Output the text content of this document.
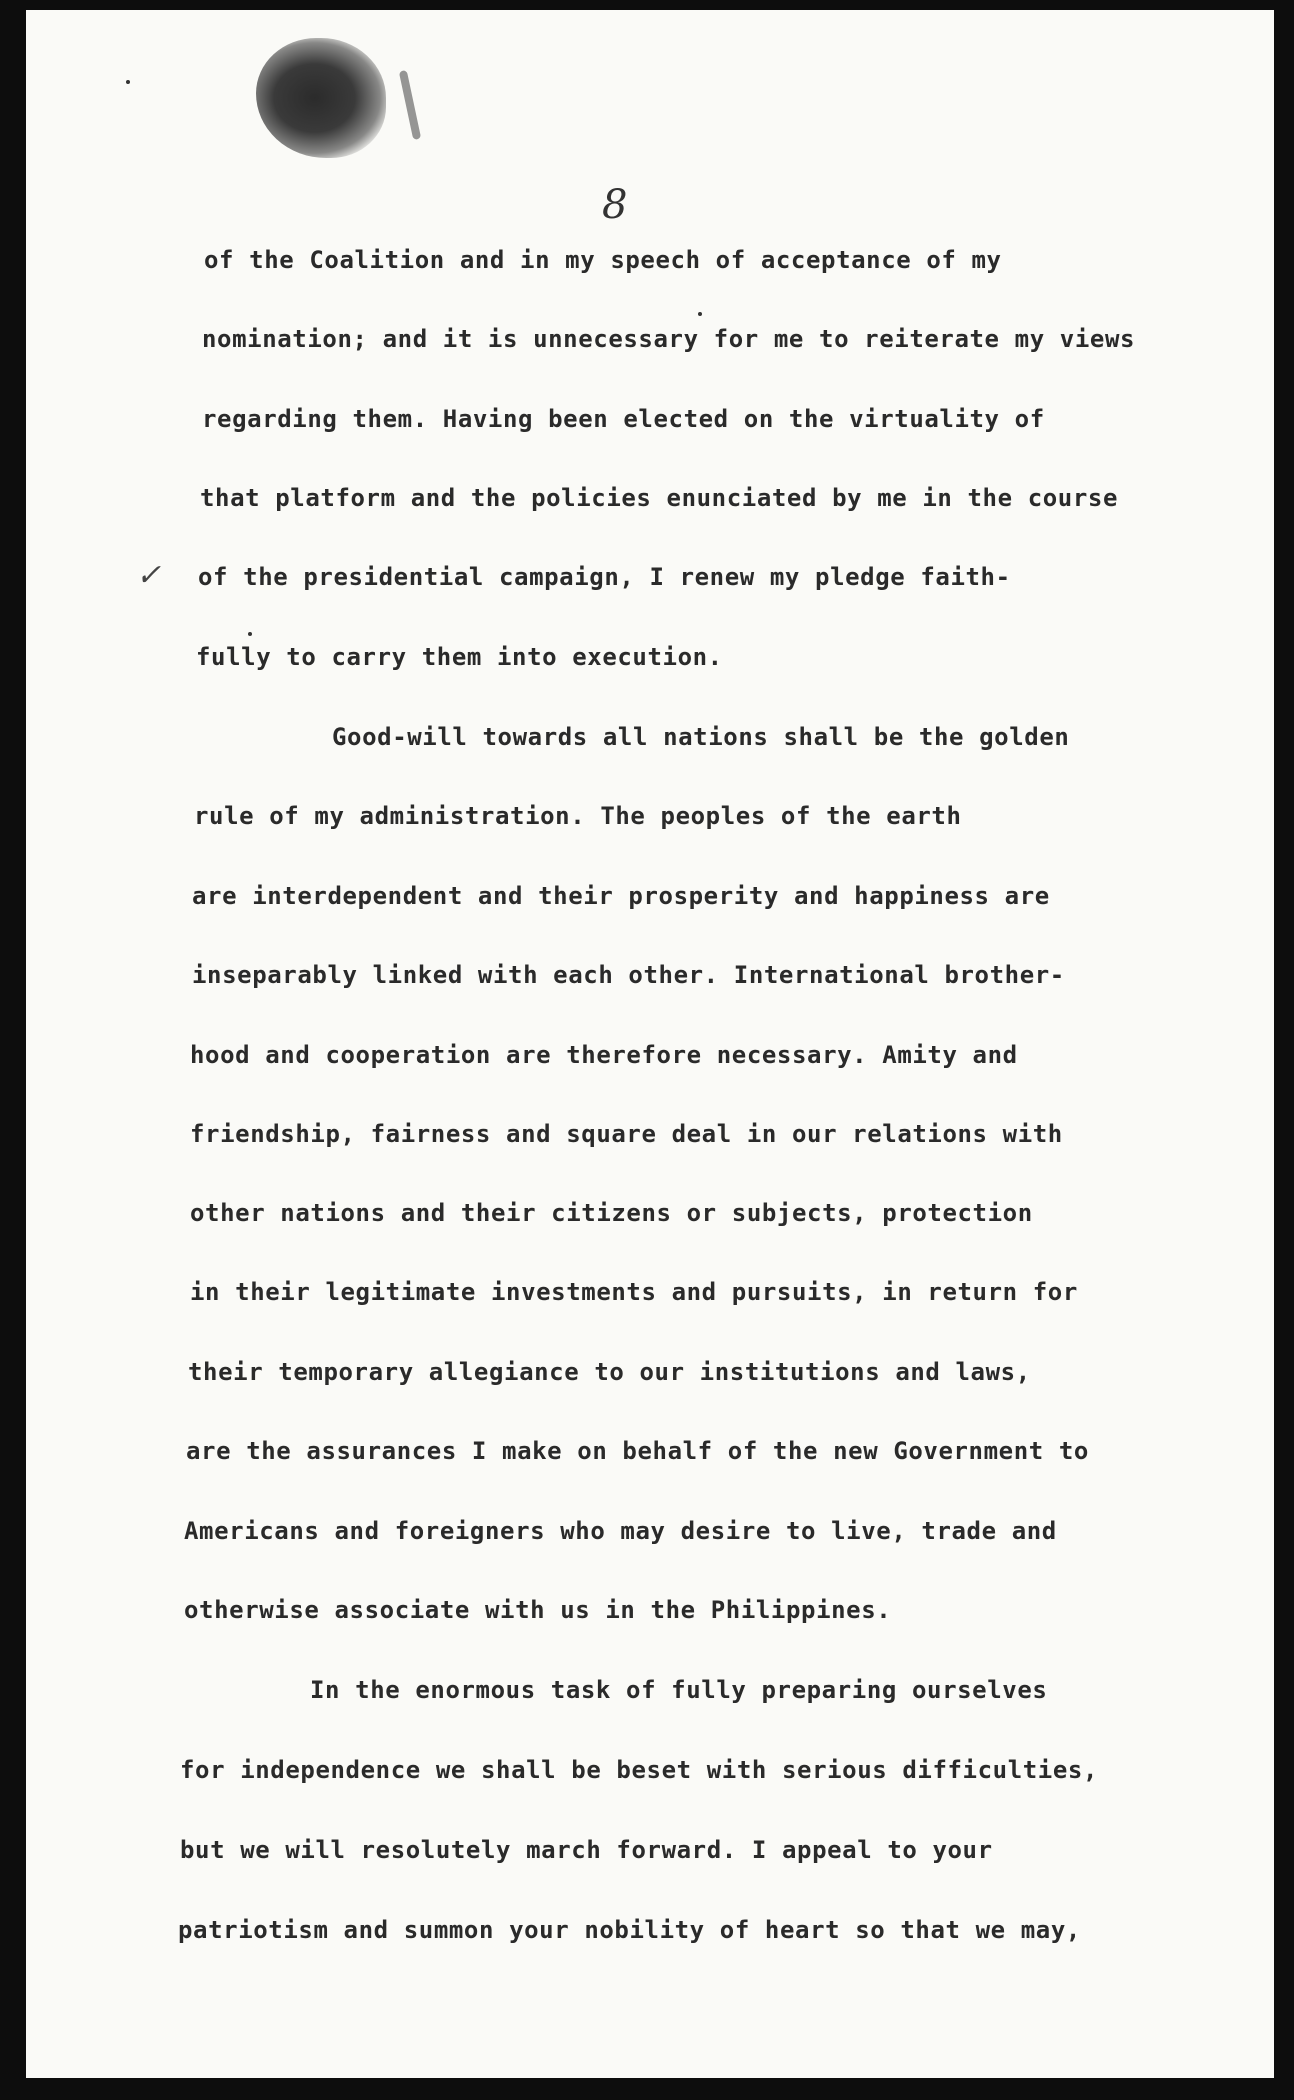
8
✓
of the Coalition and in my speech of acceptance of my
nomination; and it is unnecessary for me to reiterate my views
regarding them. Having been elected on the virtuality of
that platform and the policies enunciated by me in the course
of the presidential campaign, I renew my pledge faith-
fully to carry them into execution.
Good-will towards all nations shall be the golden
rule of my administration. The peoples of the earth
are interdependent and their prosperity and happiness are
inseparably linked with each other. International brother-
hood and cooperation are therefore necessary. Amity and
friendship, fairness and square deal in our relations with
other nations and their citizens or subjects, protection
in their legitimate investments and pursuits, in return for
their temporary allegiance to our institutions and laws,
are the assurances I make on behalf of the new Government to
Americans and foreigners who may desire to live, trade and
otherwise associate with us in the Philippines.
In the enormous task of fully preparing ourselves
for independence we shall be beset with serious difficulties,
but we will resolutely march forward. I appeal to your
patriotism and summon your nobility of heart so that we may,
